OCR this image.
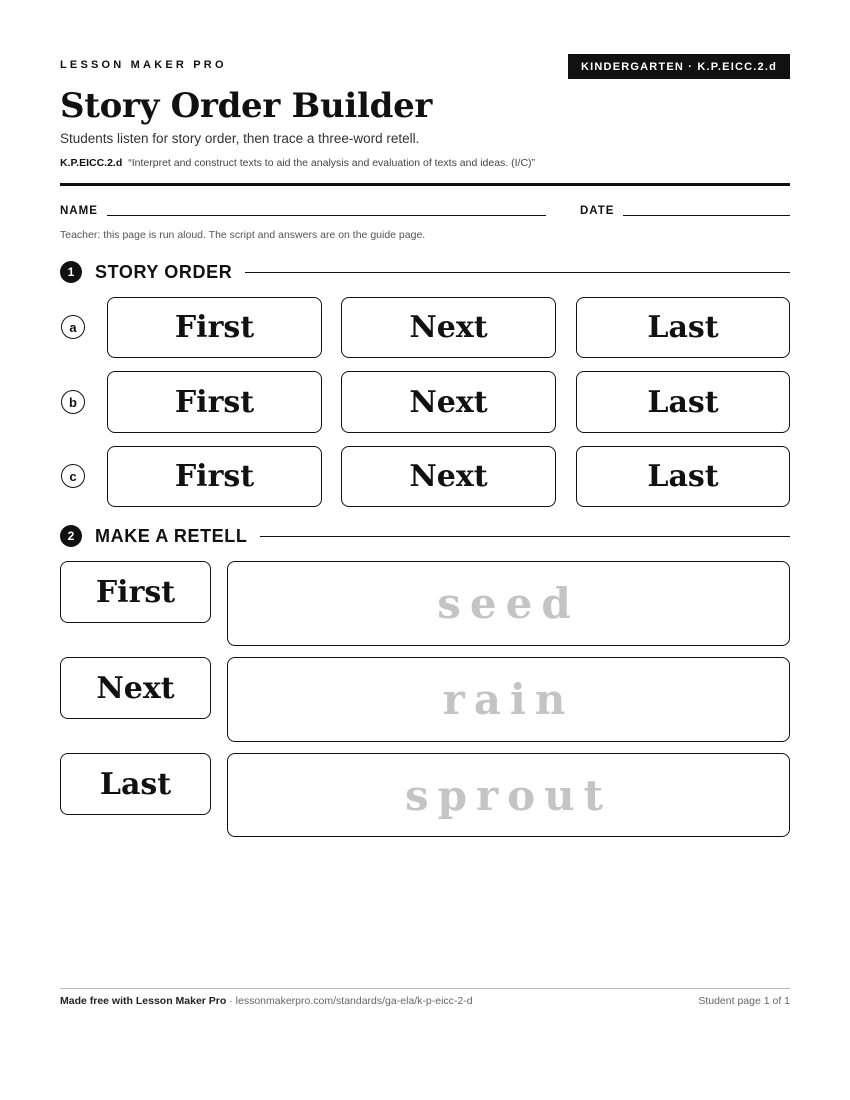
LESSON MAKER PRO	KINDERGARTEN · K.P.EICC.2.d
Story Order Builder
Students listen for story order, then trace a three-word retell.
K.P.EICC.2.d “Interpret and construct texts to aid the analysis and evaluation of texts and ideas. (I/C)”
NAME	DATE
Teacher: this page is run aloud. The script and answers are on the guide page.
1	STORY ORDER
a	First	Next	Last
b	First	Next	Last
c	First	Next	Last
2	MAKE A RETELL
First	seed
Next	rain
Last	sprout
Made free with Lesson Maker Pro · lessonmakerpro.com/standards/ga-ela/k-p-eicc-2-d	Student page 1 of 1
